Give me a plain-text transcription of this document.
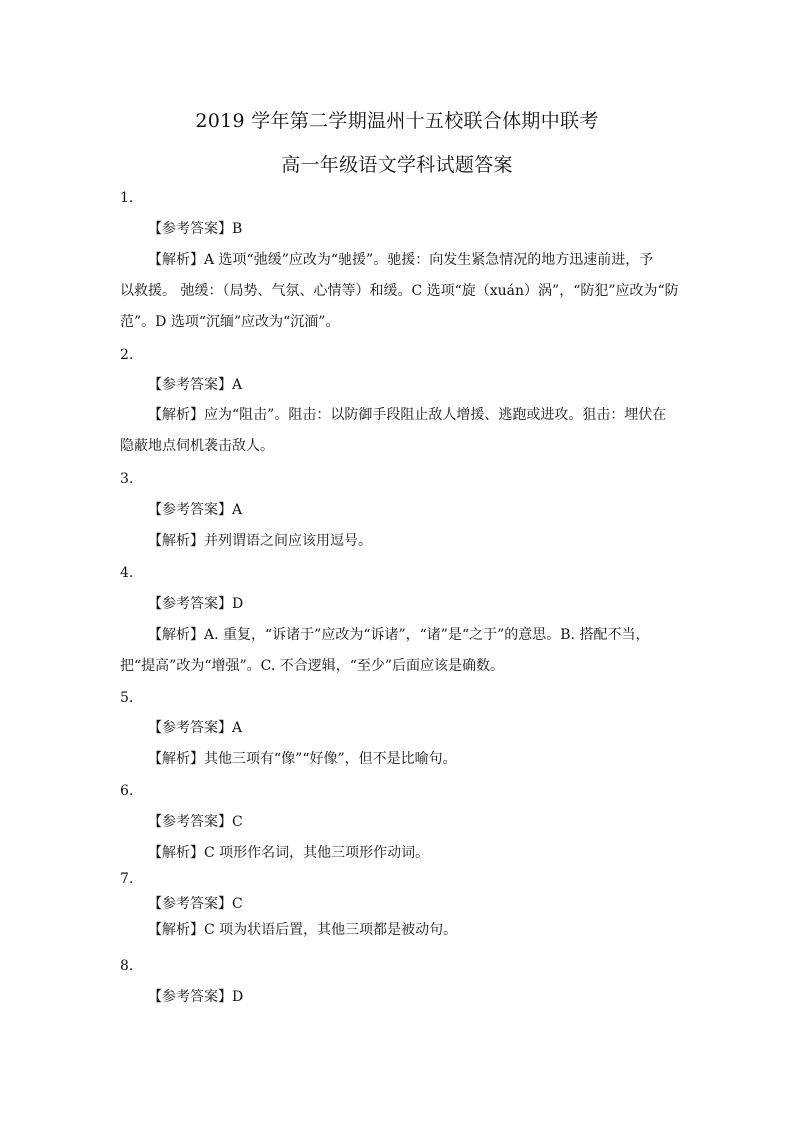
2019 学年第二学期温州十五校联合体期中联考
高一年级语文学科试题答案
1.
【参考答案】B
【解析】A 选项“弛缓”应改为“驰援”。驰援：向发生紧急情况的地方迅速前进，予
以救援。 弛缓：（局势、气氛、心情等）和缓。C 选项“旋（xuán）涡”，“防犯”应改为“防
范”。D 选项“沉缅”应改为“沉湎”。
2.
【参考答案】A
【解析】应为“阻击”。阻击：以防御手段阻止敌人增援、逃跑或进攻。狙击：埋伏在
隐蔽地点伺机袭击敌人。
3.
【参考答案】A
【解析】并列谓语之间应该用逗号。
4.
【参考答案】D
【解析】A. 重复，“诉诸于”应改为“诉诸”，“诸”是“之于”的意思。B. 搭配不当，
把“提高”改为“增强”。C. 不合逻辑，“至少”后面应该是确数。
5.
【参考答案】A
【解析】其他三项有“像”“好像”，但不是比喻句。
6.
【参考答案】C
【解析】C 项形作名词，其他三项形作动词。
7.
【参考答案】C
【解析】C 项为状语后置，其他三项都是被动句。
8.
【参考答案】D
